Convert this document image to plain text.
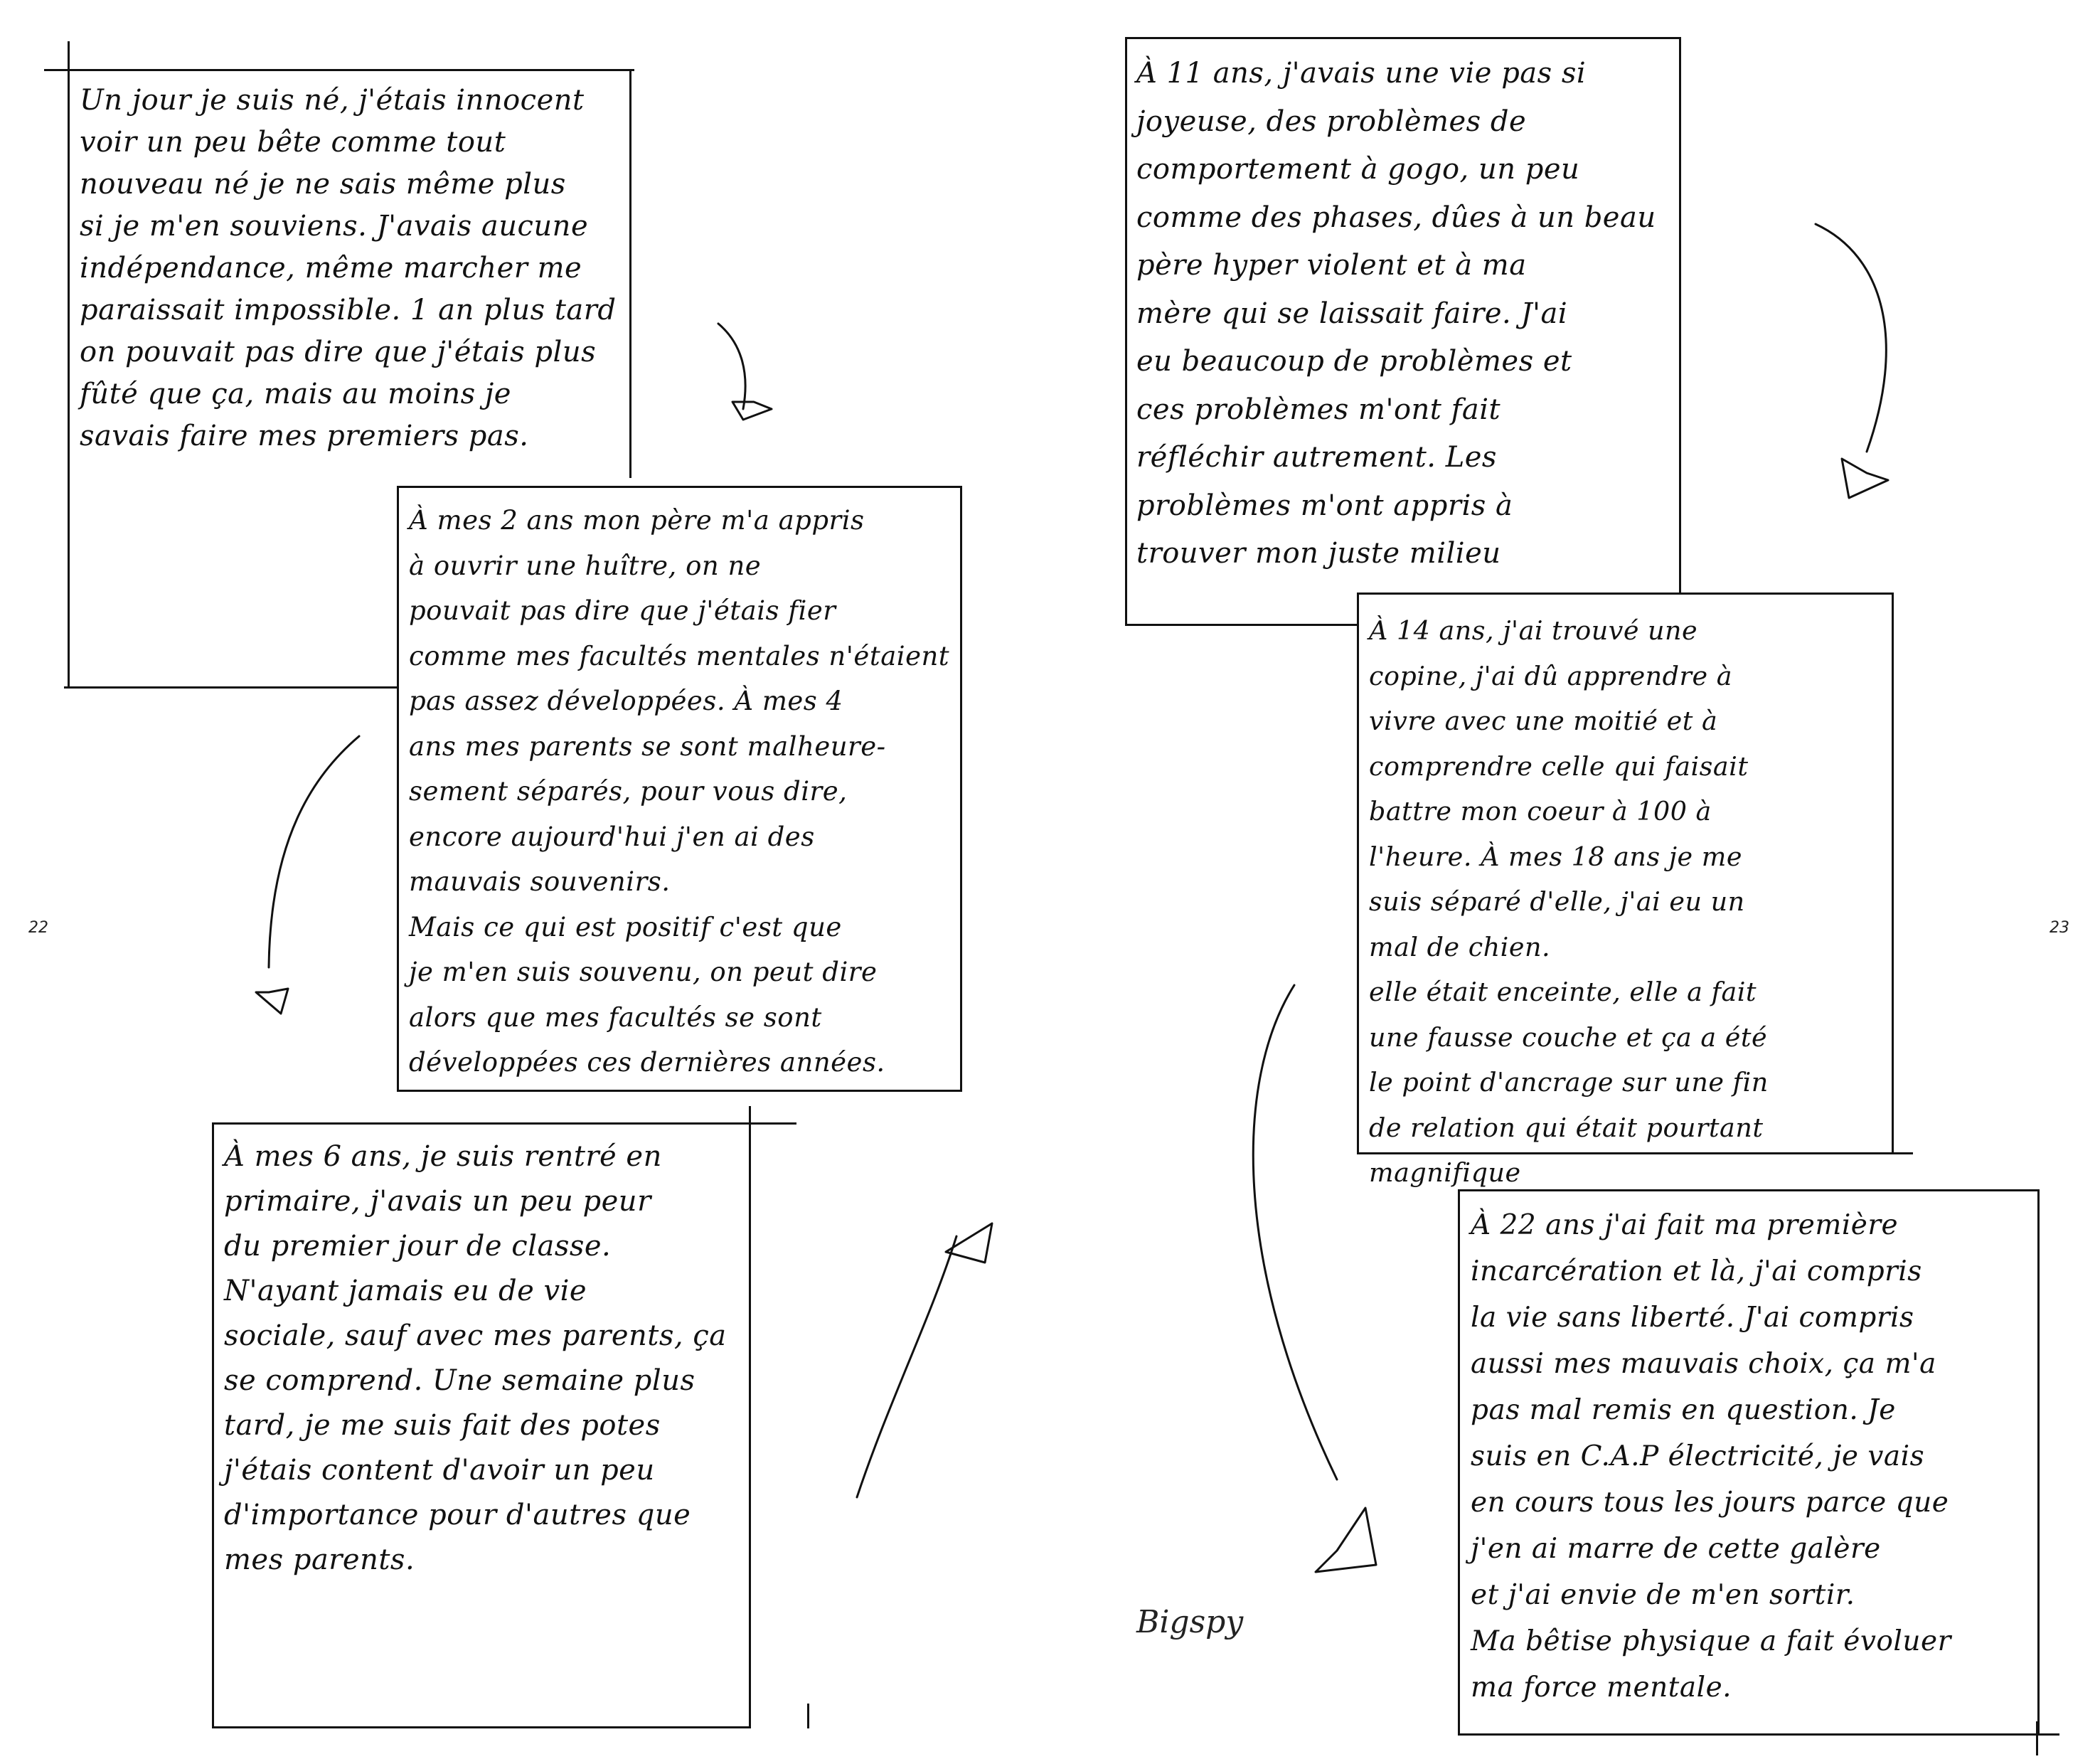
22	23
Un jour je suis né, j'étais innocent
voir un peu bête comme tout
nouveau né je ne sais même plus
si je m'en souviens. J'avais aucune
indépendance, même marcher me
paraissait impossible. 1 an plus tard
on pouvait pas dire que j'étais plus
fûté que ça, mais au moins je
savais faire mes premiers pas.
À mes 2 ans mon père m'a appris
à ouvrir une huître, on ne
pouvait pas dire que j'étais fier
comme mes facultés mentales n'étaient
pas assez développées. À mes 4
ans mes parents se sont malheure-
sement séparés, pour vous dire,
encore aujourd'hui j'en ai des
mauvais souvenirs.
Mais ce qui est positif c'est que
je m'en suis souvenu, on peut dire
alors que mes facultés se sont
développées ces dernières années.
À mes 6 ans, je suis rentré en
primaire, j'avais un peu peur
du premier jour de classe.
N'ayant jamais eu de vie
sociale, sauf avec mes parents, ça
se comprend. Une semaine plus
tard, je me suis fait des potes
j'étais content d'avoir un peu
d'importance pour d'autres que
mes parents.
À 11 ans, j'avais une vie pas si
joyeuse, des problèmes de
comportement à gogo, un peu
comme des phases, dûes à un beau
père hyper violent et à ma
mère qui se laissait faire. J'ai
eu beaucoup de problèmes et
ces problèmes m'ont fait
réfléchir autrement. Les
problèmes m'ont appris à
trouver mon juste milieu
À 14 ans, j'ai trouvé une
copine, j'ai dû apprendre à
vivre avec une moitié et à
comprendre celle qui faisait
battre mon coeur à 100 à
l'heure. À mes 18 ans je me
suis séparé d'elle, j'ai eu un
mal de chien.
elle était enceinte, elle a fait
une fausse couche et ça a été
le point d'ancrage sur une fin
de relation qui était pourtant magnifique
À 22 ans j'ai fait ma première
incarcération et là, j'ai compris
la vie sans liberté. J'ai compris
aussi mes mauvais choix, ça m'a
pas mal remis en question. Je
suis en C.A.P électricité, je vais
en cours tous les jours parce que
j'en ai marre de cette galère
et j'ai envie de m'en sortir.
Ma bêtise physique a fait évoluer
ma force mentale.
Bigspy
